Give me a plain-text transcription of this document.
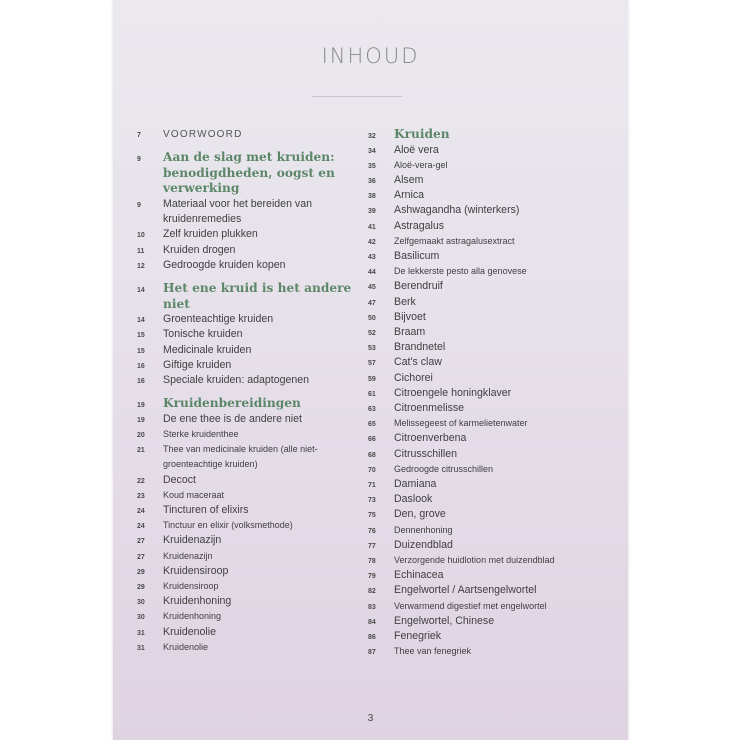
INHOUD
7	VOORWOORD
9	Aan de slag met kruiden: benodigdheden, oogst en verwerking
9	Materiaal voor het bereiden van kruidenremedies
10	Zelf kruiden plukken
11	Kruiden drogen
12	Gedroogde kruiden kopen
14	Het ene kruid is het andere niet
14	Groenteachtige kruiden
15	Tonische kruiden
15	Medicinale kruiden
16	Giftige kruiden
16	Speciale kruiden: adaptogenen
19	Kruidenbereidingen
19	De ene thee is de andere niet
20	Sterke kruidenthee
21	Thee van medicinale kruiden (alle niet-groenteachtige kruiden)
22	Decoct
23	Koud maceraat
24	Tincturen of elixirs
24	Tinctuur en elixir (volksmethode)
27	Kruidenazijn
27	Kruidenazijn
29	Kruidensiroop
29	Kruidensiroop
30	Kruidenhoning
30	Kruidenhoning
31	Kruidenolie
31	Kruidenolie
32	Kruiden
34	Aloë vera
35	Aloë-vera-gel
36	Alsem
38	Arnica
39	Ashwagandha (winterkers)
41	Astragalus
42	Zelfgemaakt astragalusextract
43	Basilicum
44	De lekkerste pesto alla genovese
45	Berendruif
47	Berk
50	Bijvoet
52	Braam
53	Brandnetel
57	Cat's claw
59	Cichorei
61	Citroengele honingklaver
63	Citroenmelisse
65	Melissegeest of karmelietenwater
66	Citroenverbena
68	Citrusschillen
70	Gedroogde citrusschillen
71	Damiana
73	Daslook
75	Den, grove
76	Dennenhoning
77	Duizendblad
78	Verzorgende huidlotion met duizendblad
79	Echinacea
82	Engelwortel / Aartsengelwortel
83	Verwarmend digestief met engelwortel
84	Engelwortel, Chinese
86	Fenegriek
87	Thee van fenegriek
3
